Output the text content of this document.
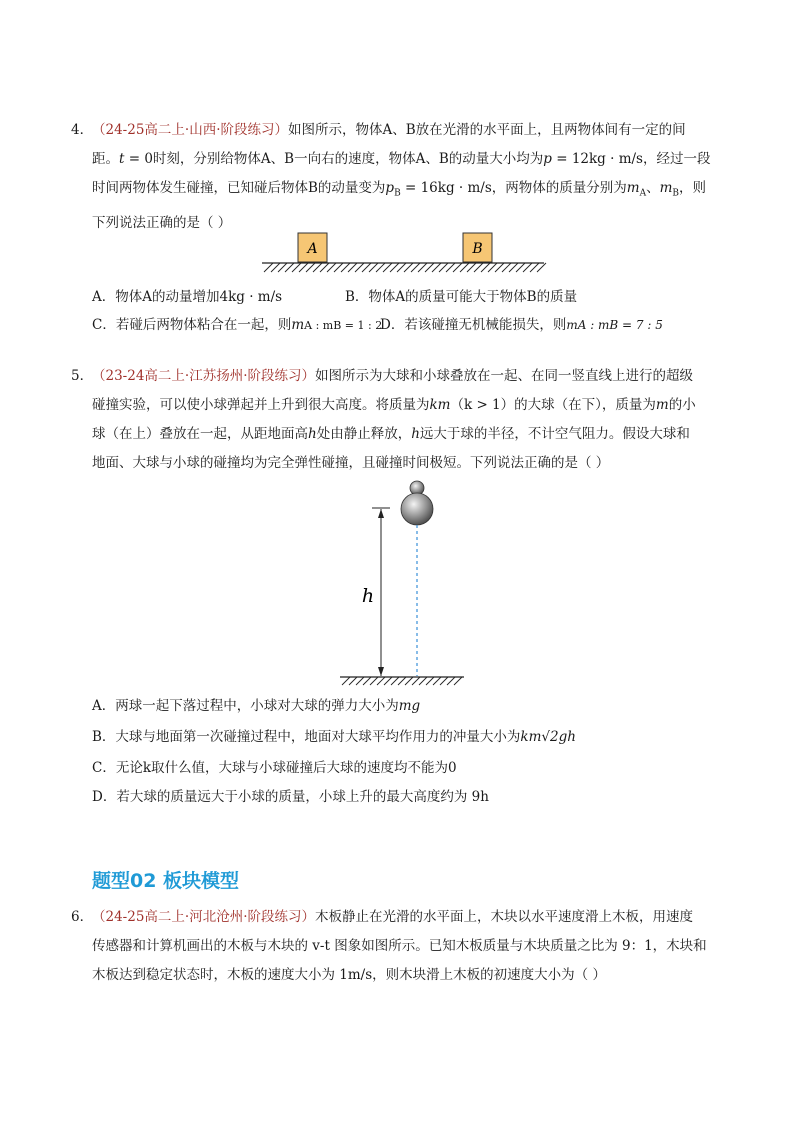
4．
（24-25高二上·山西·阶段练习）如图所示，物体A、B放在光滑的水平面上，且两物体间有一定的间
距。t = 0时刻，分别给物体A、B一向右的速度，物体A、B的动量大小均为p = 12kg · m/s，经过一段
时间两物体发生碰撞，已知碰后物体B的动量变为$p_B = 16kg \cdot m/s$，两物体的质量分别为$m_A$、$m_B$，则
下列说法正确的是（ ）
A	B
A．物体A的动量增加4kg · m/s	B．物体A的质量可能大于物体B的质量
C．若碰后两物体粘合在一起，则mA : mB = 1 : 2
D．若该碰撞无机械能损失，则mA : mB = 7 : 5
5．
（23-24高二上·江苏扬州·阶段练习）如图所示为大球和小球叠放在一起、在同一竖直线上进行的超级
碰撞实验，可以使小球弹起并上升到很大高度。将质量为km（k > 1）的大球（在下），质量为m的小
球（在上）叠放在一起，从距地面高h处由静止释放，h远大于球的半径，不计空气阻力。假设大球和
地面、大球与小球的碰撞均为完全弹性碰撞，且碰撞时间极短。下列说法正确的是（ ）
h
A．两球一起下落过程中，小球对大球的弹力大小为mg
B．大球与地面第一次碰撞过程中，地面对大球平均作用力的冲量大小为km√2gh
C．无论k取什么值，大球与小球碰撞后大球的速度均不能为0
D．若大球的质量远大于小球的质量，小球上升的最大高度约为 9h
题型02 板块模型
6．
（24-25高二上·河北沧州·阶段练习）木板静止在光滑的水平面上，木块以水平速度滑上木板，用速度
传感器和计算机画出的木板与木块的 v-t 图象如图所示。已知木板质量与木块质量之比为 9：1，木块和
木板达到稳定状态时，木板的速度大小为 1m/s，则木块滑上木板的初速度大小为（ ）
